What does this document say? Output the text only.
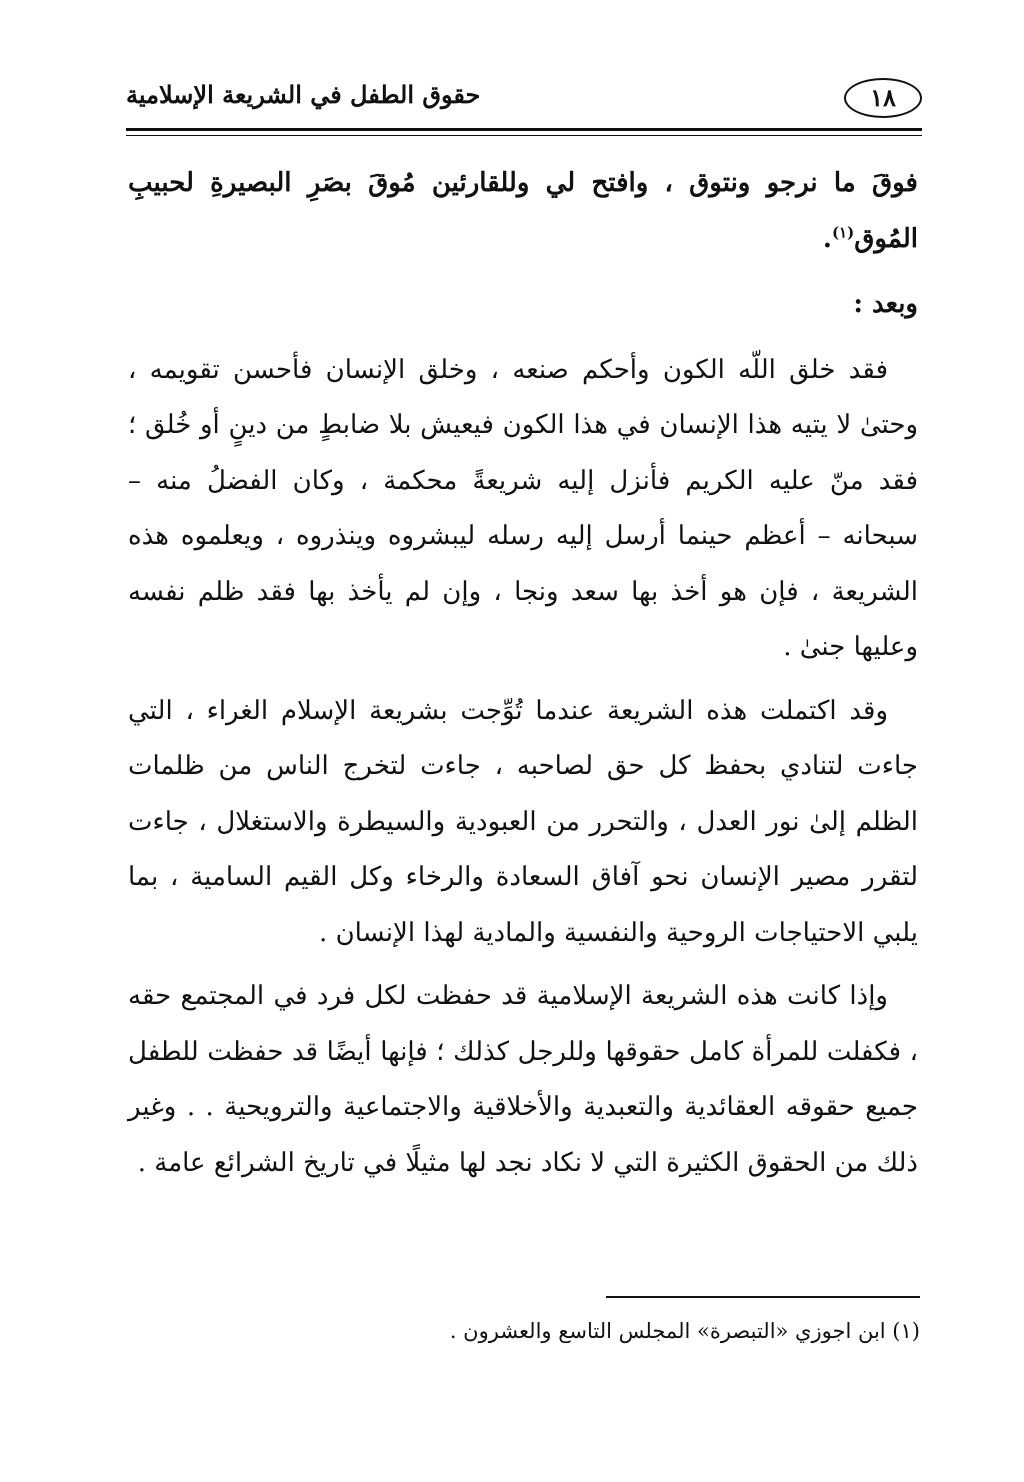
١٨
حقوق الطفل في الشريعة الإسلامية

فوقَ ما نرجو ونتوق ، وافتح لي وللقارئين مُوقَ بصَرِ البصيرةِ لحبيبِ المُوق$^{(١)}$.

وبعد :

فقد خلق اللّه الكون وأحكم صنعه ، وخلق الإنسان فأحسن تقويمه ، وحتىٰ لا يتيه هذا الإنسان في هذا الكون فيعيش بلا ضابطٍ من دينٍ أو خُلق ؛ فقد منّ عليه الكريم فأنزل إليه شريعةً محكمة ، وكان الفضلُ منه – سبحانه – أعظم حينما أرسل إليه رسله ليبشروه وينذروه ، ويعلموه هذه الشريعة ، فإن هو أخذ بها سعد ونجا ، وإن لم يأخذ بها فقد ظلم نفسه وعليها جنىٰ .

وقد اكتملت هذه الشريعة عندما تُوِّجت بشريعة الإسلام الغراء ، التي جاءت لتنادي بحفظ كل حق لصاحبه ، جاءت لتخرج الناس من ظلمات الظلم إلىٰ نور العدل ، والتحرر من العبودية والسيطرة والاستغلال ، جاءت لتقرر مصير الإنسان نحو آفاق السعادة والرخاء وكل القيم السامية ، بما يلبي الاحتياجات الروحية والنفسية والمادية لهذا الإنسان .

وإذا كانت هذه الشريعة الإسلامية قد حفظت لكل فرد في المجتمع حقه ، فكفلت للمرأة كامل حقوقها وللرجل كذلك ؛ فإنها أيضًا قد حفظت للطفل جميع حقوقه العقائدية والتعبدية والأخلاقية والاجتماعية والترويحية . . وغير ذلك من الحقوق الكثيرة التي لا نكاد نجد لها مثيلًا في تاريخ الشرائع عامة .

(١) ابن اجوزي «التبصرة» المجلس التاسع والعشرون .
